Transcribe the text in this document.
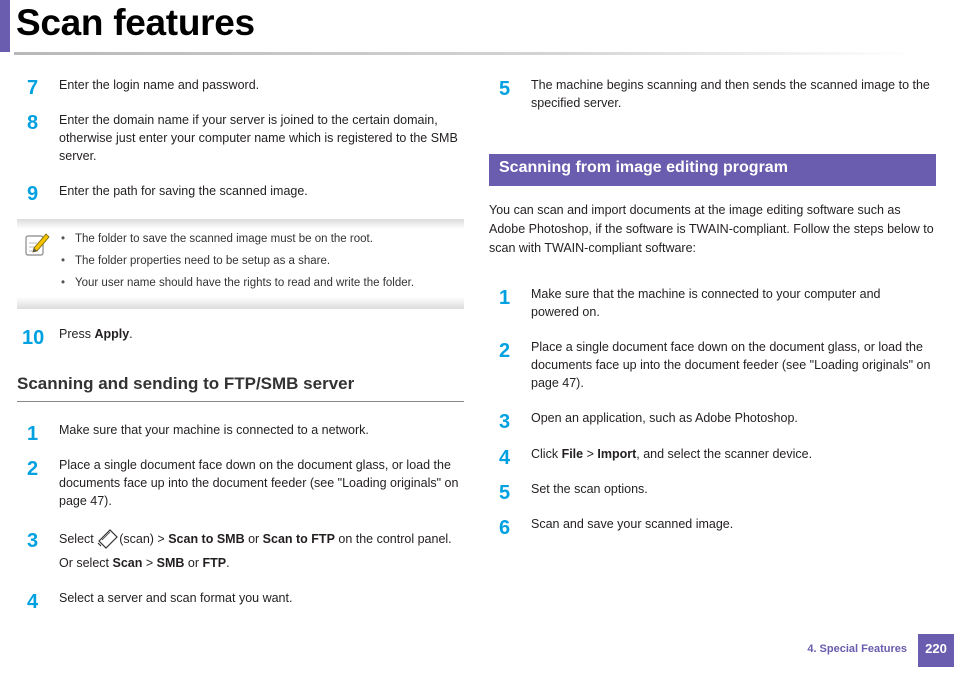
Scan features
7 Enter the login name and password.
8 Enter the domain name if your server is joined to the certain domain, otherwise just enter your computer name which is registered to the SMB server.
9 Enter the path for saving the scanned image.
• The folder to save the scanned image must be on the root.
• The folder properties need to be setup as a share.
• Your user name should have the rights to read and write the folder.
10 Press Apply.
Scanning and sending to FTP/SMB server
1 Make sure that your machine is connected to a network.
2 Place a single document face down on the document glass, or load the documents face up into the document feeder (see "Loading originals" on page 47).
3 Select (scan) > Scan to SMB or Scan to FTP on the control panel.
Or select Scan > SMB or FTP.
4 Select a server and scan format you want.
5 The machine begins scanning and then sends the scanned image to the specified server.
Scanning from image editing program

You can scan and import documents at the image editing software such as Adobe Photoshop, if the software is TWAIN-compliant. Follow the steps below to scan with TWAIN-compliant software:

1 Make sure that the machine is connected to your computer and powered on.
2 Place a single document face down on the document glass, or load the documents face up into the document feeder (see "Loading originals" on page 47).
3 Open an application, such as Adobe Photoshop.
4 Click File > Import, and select the scanner device.
5 Set the scan options.
6 Scan and save your scanned image.
4. Special Features	220
